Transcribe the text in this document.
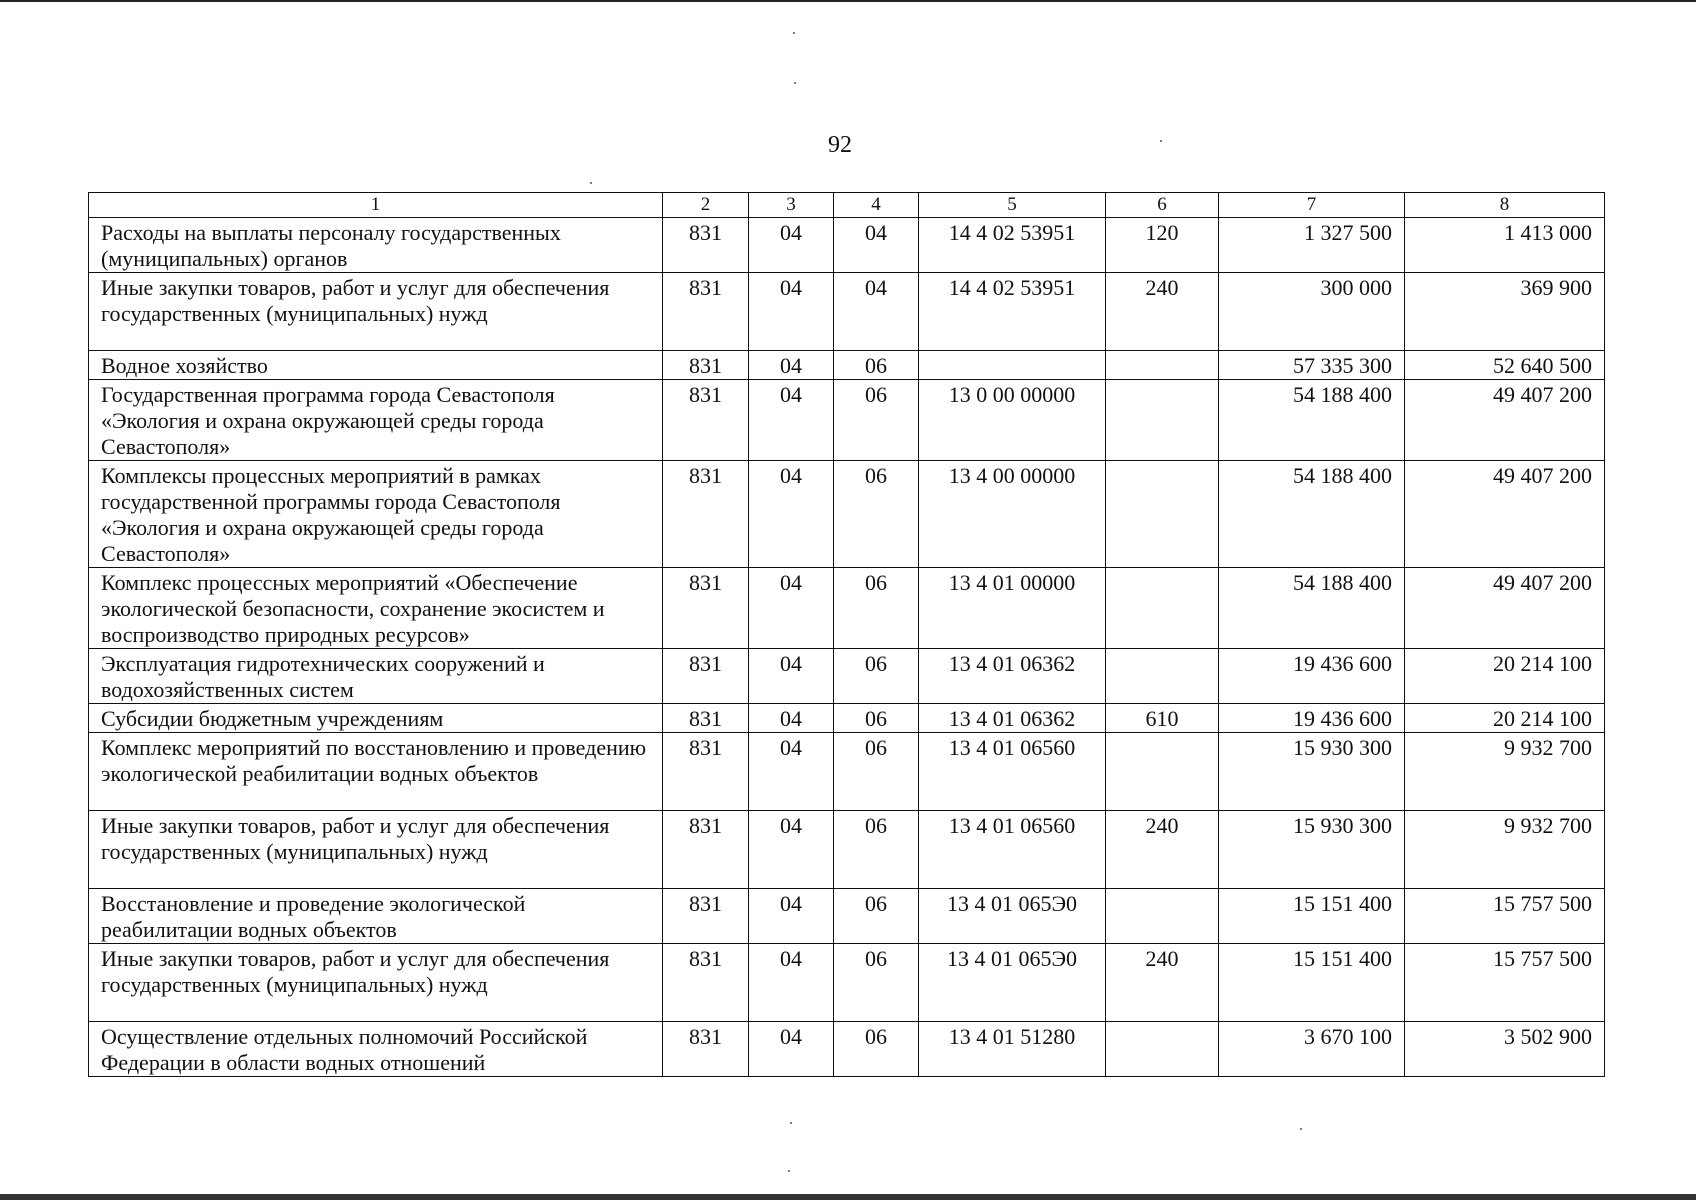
92
1	2	3	4	5	6	7	8
Расходы на выплаты персоналу государственных (муниципальных) органов	831	04	04	14 4 02 53951	120	1 327 500	1 413 000
Иные закупки товаров, работ и услуг для обеспечения государственных (муниципальных) нужд	831	04	04	14 4 02 53951	240	300 000	369 900
Водное хозяйство	831	04	06			57 335 300	52 640 500
Государственная программа города Севастополя «Экология и охрана окружающей среды города Севастополя»	831	04	06	13 0 00 00000		54 188 400	49 407 200
Комплексы процессных мероприятий в рамках государственной программы города Севастополя «Экология и охрана окружающей среды города Севастополя»	831	04	06	13 4 00 00000		54 188 400	49 407 200
Комплекс процессных мероприятий «Обеспечение экологической безопасности, сохранение экосистем и воспроизводство природных ресурсов»	831	04	06	13 4 01 00000		54 188 400	49 407 200
Эксплуатация гидротехнических сооружений и водохозяйственных систем	831	04	06	13 4 01 06362		19 436 600	20 214 100
Субсидии бюджетным учреждениям	831	04	06	13 4 01 06362	610	19 436 600	20 214 100
Комплекс мероприятий по восстановлению и проведению экологической реабилитации водных объектов	831	04	06	13 4 01 06560		15 930 300	9 932 700
Иные закупки товаров, работ и услуг для обеспечения государственных (муниципальных) нужд	831	04	06	13 4 01 06560	240	15 930 300	9 932 700
Восстановление и проведение экологической реабилитации водных объектов	831	04	06	13 4 01 065Э0		15 151 400	15 757 500
Иные закупки товаров, работ и услуг для обеспечения государственных (муниципальных) нужд	831	04	06	13 4 01 065Э0	240	15 151 400	15 757 500
Осуществление отдельных полномочий Российской Федерации в области водных отношений	831	04	06	13 4 01 51280		3 670 100	3 502 900
